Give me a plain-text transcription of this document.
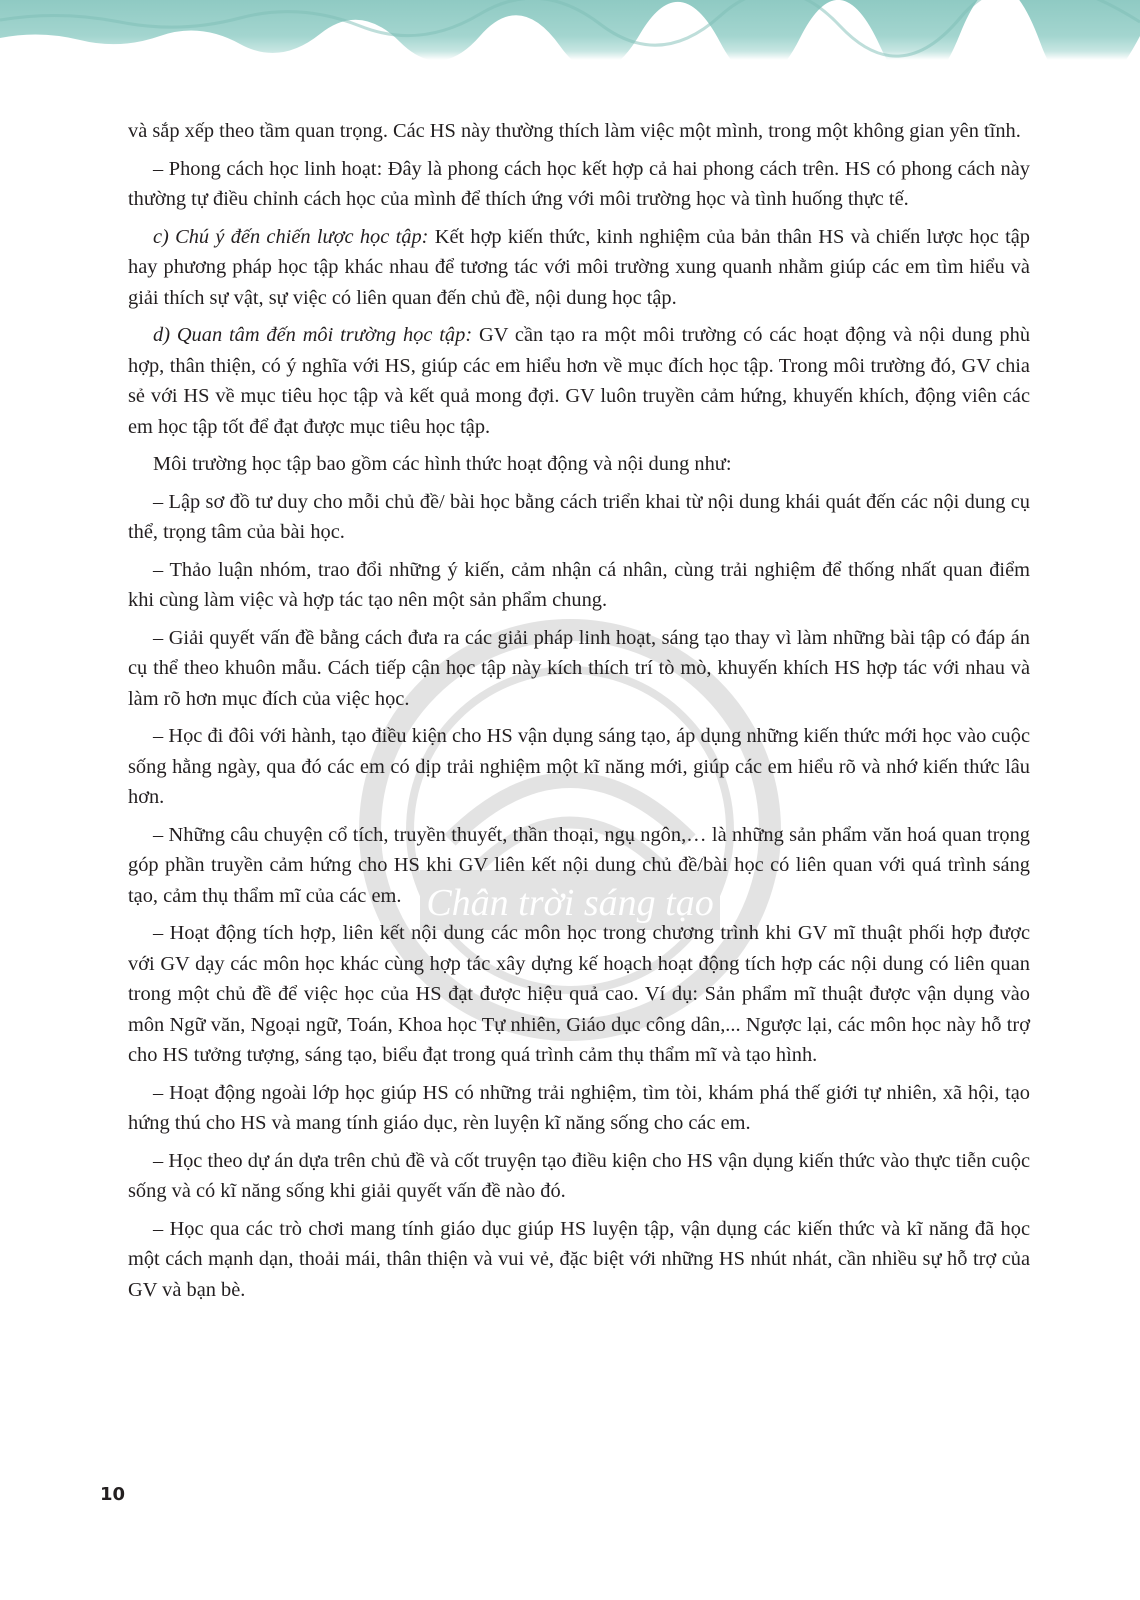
Chân trời sáng tạo

và sắp xếp theo tầm quan trọng. Các HS này thường thích làm việc một mình, trong một không gian yên tĩnh.

– Phong cách học linh hoạt: Đây là phong cách học kết hợp cả hai phong cách trên. HS có phong cách này thường tự điều chỉnh cách học của mình để thích ứng với môi trường học và tình huống thực tế.

c) Chú ý đến chiến lược học tập: Kết hợp kiến thức, kinh nghiệm của bản thân HS và chiến lược học tập hay phương pháp học tập khác nhau để tương tác với môi trường xung quanh nhằm giúp các em tìm hiểu và giải thích sự vật, sự việc có liên quan đến chủ đề, nội dung học tập.

d) Quan tâm đến môi trường học tập: GV cần tạo ra một môi trường có các hoạt động và nội dung phù hợp, thân thiện, có ý nghĩa với HS, giúp các em hiểu hơn về mục đích học tập. Trong môi trường đó, GV chia sẻ với HS về mục tiêu học tập và kết quả mong đợi. GV luôn truyền cảm hứng, khuyến khích, động viên các em học tập tốt để đạt được mục tiêu học tập.

Môi trường học tập bao gồm các hình thức hoạt động và nội dung như:

– Lập sơ đồ tư duy cho mỗi chủ đề/ bài học bằng cách triển khai từ nội dung khái quát đến các nội dung cụ thể, trọng tâm của bài học.

– Thảo luận nhóm, trao đổi những ý kiến, cảm nhận cá nhân, cùng trải nghiệm để thống nhất quan điểm khi cùng làm việc và hợp tác tạo nên một sản phẩm chung.

– Giải quyết vấn đề bằng cách đưa ra các giải pháp linh hoạt, sáng tạo thay vì làm những bài tập có đáp án cụ thể theo khuôn mẫu. Cách tiếp cận học tập này kích thích trí tò mò, khuyến khích HS hợp tác với nhau và làm rõ hơn mục đích của việc học.

– Học đi đôi với hành, tạo điều kiện cho HS vận dụng sáng tạo, áp dụng những kiến thức mới học vào cuộc sống hằng ngày, qua đó các em có dịp trải nghiệm một kĩ năng mới, giúp các em hiểu rõ và nhớ kiến thức lâu hơn.

– Những câu chuyện cổ tích, truyền thuyết, thần thoại, ngụ ngôn,… là những sản phẩm văn hoá quan trọng góp phần truyền cảm hứng cho HS khi GV liên kết nội dung chủ đề/bài học có liên quan với quá trình sáng tạo, cảm thụ thẩm mĩ của các em.

– Hoạt động tích hợp, liên kết nội dung các môn học trong chương trình khi GV mĩ thuật phối hợp được với GV dạy các môn học khác cùng hợp tác xây dựng kế hoạch hoạt động tích hợp các nội dung có liên quan trong một chủ đề để việc học của HS đạt được hiệu quả cao. Ví dụ: Sản phẩm mĩ thuật được vận dụng vào môn Ngữ văn, Ngoại ngữ, Toán, Khoa học Tự nhiên, Giáo dục công dân,... Ngược lại, các môn học này hỗ trợ cho HS tưởng tượng, sáng tạo, biểu đạt trong quá trình cảm thụ thẩm mĩ và tạo hình.

– Hoạt động ngoài lớp học giúp HS có những trải nghiệm, tìm tòi, khám phá thế giới tự nhiên, xã hội, tạo hứng thú cho HS và mang tính giáo dục, rèn luyện kĩ năng sống cho các em.

– Học theo dự án dựa trên chủ đề và cốt truyện tạo điều kiện cho HS vận dụng kiến thức vào thực tiễn cuộc sống và có kĩ năng sống khi giải quyết vấn đề nào đó.

– Học qua các trò chơi mang tính giáo dục giúp HS luyện tập, vận dụng các kiến thức và kĩ năng đã học một cách mạnh dạn, thoải mái, thân thiện và vui vẻ, đặc biệt với những HS nhút nhát, cần nhiều sự hỗ trợ của GV và bạn bè.

10
